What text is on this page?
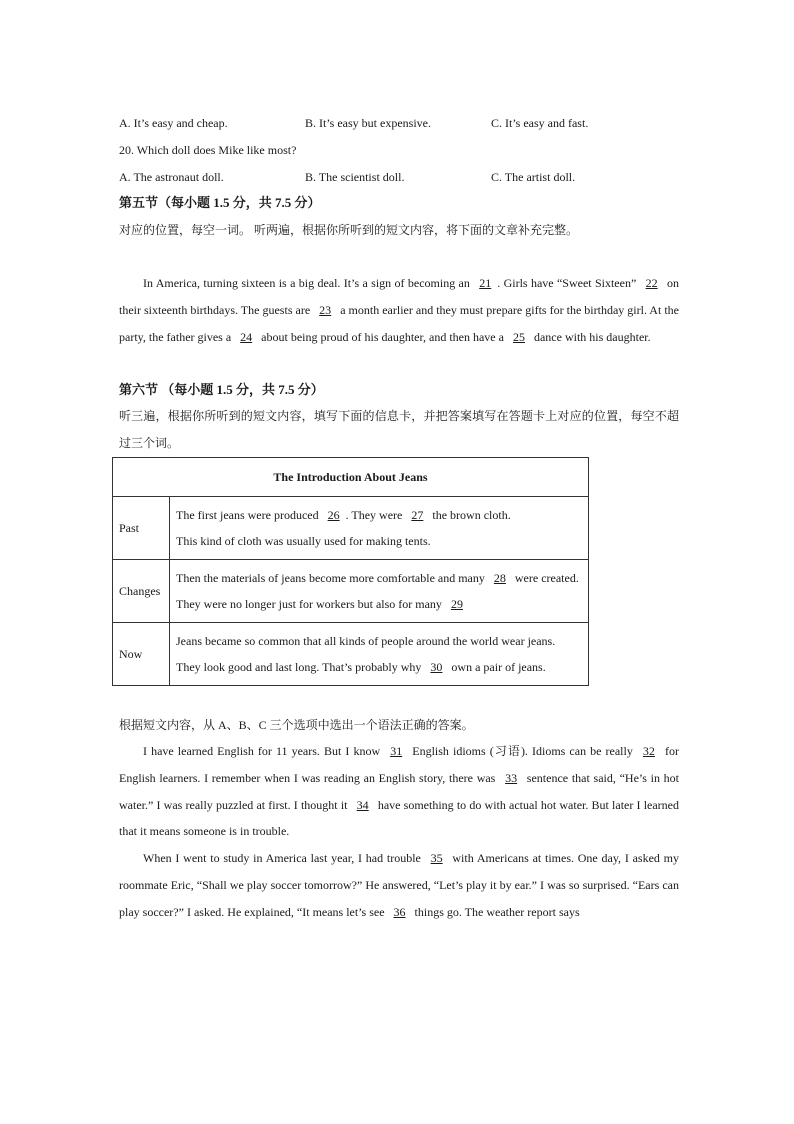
A. It’s easy and cheap.	B. It’s easy but expensive.	C. It’s easy and fast.
20. Which doll does Mike like most?
A. The astronaut doll.	B. The scientist doll.	C. The artist doll.
第五节（每小题 1.5 分，共 7.5 分）
对应的位置，每空一词。 听两遍，根据你所听到的短文内容，将下面的文章补充完整。
In America, turning sixteen is a big deal. It’s a sign of becoming an 21 . Girls have “Sweet Sixteen” 22 on their sixteenth birthdays. The guests are 23 a month earlier and they must prepare gifts for the birthday girl. At the party, the father gives a 24 about being proud of his daughter, and then have a 25 dance with his daughter.
第六节 （每小题 1.5 分，共 7.5 分）
听三遍，根据你所听到的短文内容，填写下面的信息卡，并把答案填写在答题卡上对应的位置，每空不超过三个词。
The Introduction About Jeans	
Past	The first jeans were produced 26 . They were 27 the brown cloth.
This kind of cloth was usually used for making tents.
Changes	Then the materials of jeans become more comfortable and many 28 were created. They were no longer just for workers but also for many 29
Now	Jeans became so common that all kinds of people around the world wear jeans. They look good and last long. That’s probably why 30 own a pair of jeans.
根据短文内容，从 A、B、C 三个选项中选出一个语法正确的答案。
I have learned English for 11 years. But I know 31 English idioms (习语). Idioms can be really 32 for English learners. I remember when I was reading an English story, there was 33 sentence that said, “He’s in hot water.” I was really puzzled at first. I thought it 34 have something to do with actual hot water. But later I learned that it means someone is in trouble.
When I went to study in America last year, I had trouble 35 with Americans at times. One day, I asked my roommate Eric, “Shall we play soccer tomorrow?” He answered, “Let’s play it by ear.” I was so surprised. “Ears can play soccer?” I asked. He explained, “It means let’s see 36 things go. The weather report says
